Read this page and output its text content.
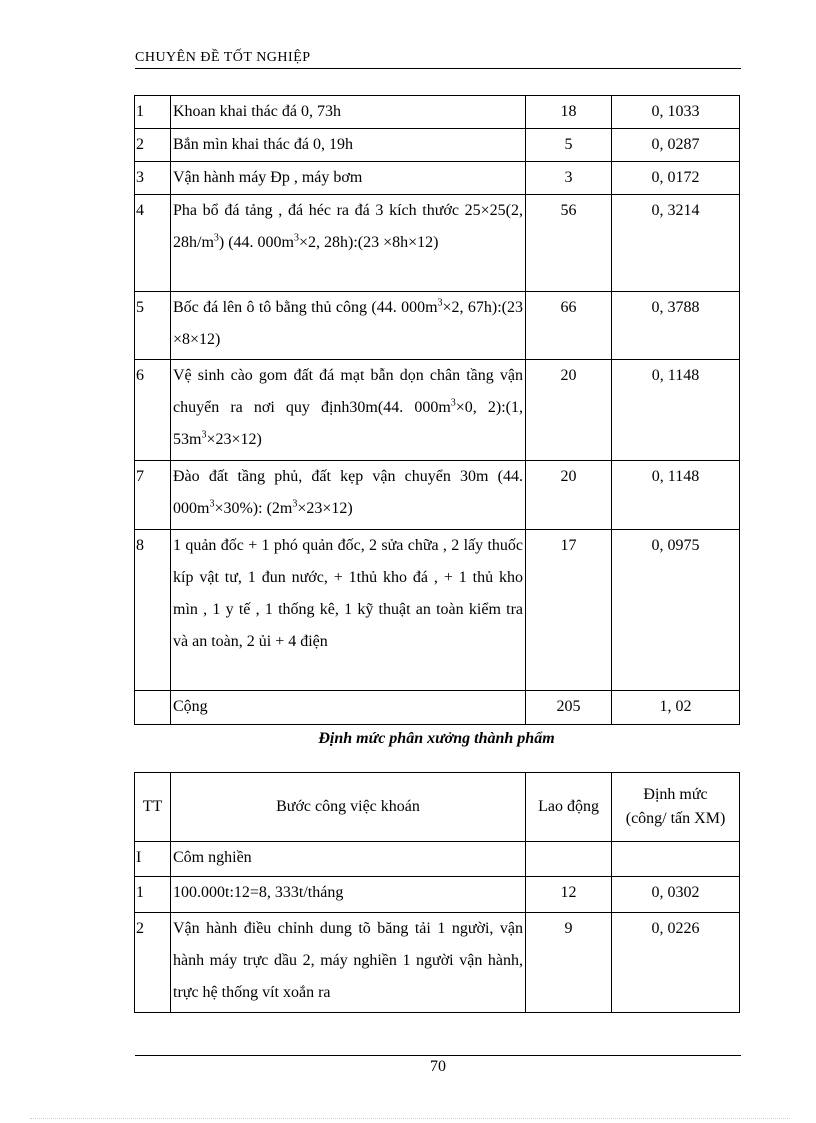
CHUYÊN ĐỀ TỐT NGHIỆP
1	Khoan khai thác đá 0, 73h	18	0, 1033
2	Bắn mìn khai thác đá 0, 19h	5	0, 0287
3	Vận hành máy Đp , máy bơm	3	0, 0172
4	Pha bổ đá tảng , đá héc ra đá 3 kích thước 25×25(2, $28h/m^3$) (44. $000m^3\times 2$, 28h):(23 ×8h×12)	56	0, 3214
5	Bốc đá lên ô tô bằng thủ công (44. $000m^3\times 2$, 67h):(23 ×8×12)	66	0, 3788
6	Vệ sinh cào gom đất đá mạt bẫn dọn chân tầng vận chuyển ra nơi quy định30m(44. $000m^3\times 0$, 2):(1, $53m^3\times 23\times 12$)	20	0, 1148
7	Đào đất tầng phủ, đất kẹp vận chuyển 30m (44. $000m^3\times 30\%$): $(2m^3\times 23\times 12)$	20	0, 1148
8	1 quản đốc + 1 phó quản đốc, 2 sửa chữa , 2 lấy thuốc kíp vật tư, 1 đun nước, + 1thủ kho đá , + 1 thủ kho mìn , 1 y tế , 1 thống kê, 1 kỹ thuật an toàn kiểm tra và an toàn, 2 ủi + 4 điện	17	0, 0975
	Cộng	205	1, 02
Định mức phân xưởng thành phẩm
TT	Bước công việc khoán	Lao động	Định mức
(công/ tấn XM)
I	Côm nghiền		
1	100.000t:12=8, 333t/tháng	12	0, 0302
2	Vận hành điều chỉnh dung tõ băng tải 1 người, vận hành máy trực dầu 2, máy nghiền 1 người vận hành, trực hệ thống vít xoắn ra	9	0, 0226
70
